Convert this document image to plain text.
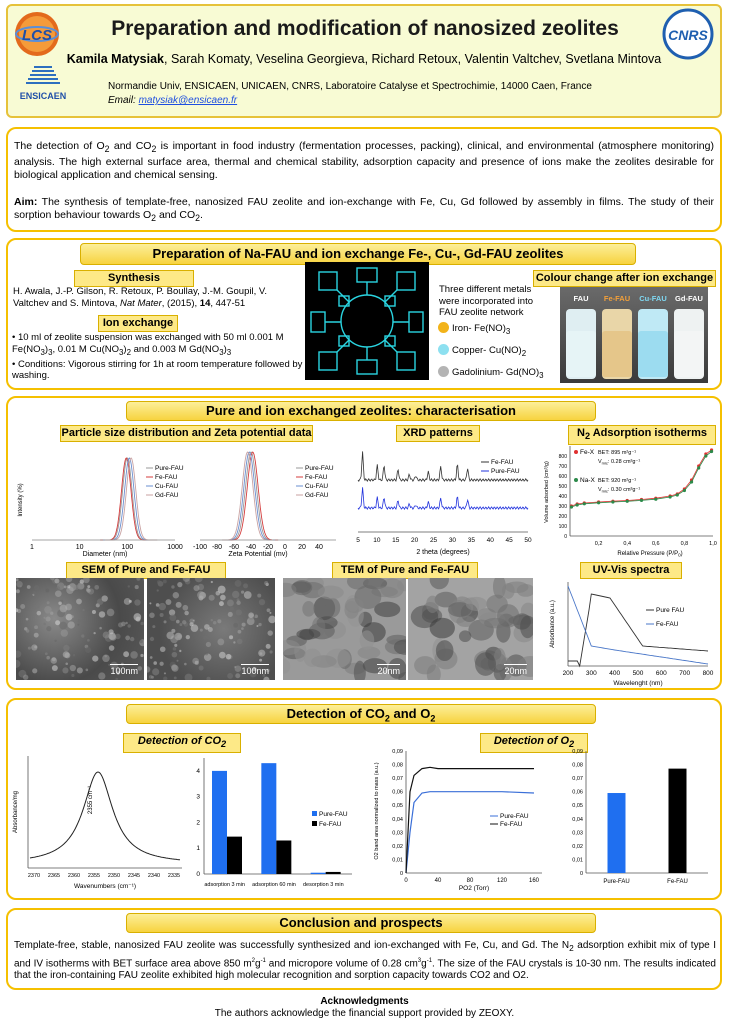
LCS
ENSICAEN
CNRS
Preparation and modification of nanosized zeolites
Kamila Matysiak, Sarah Komaty, Veselina Georgieva, Richard Retoux, Valentin Valtchev, Svetlana Mintova
Normandie Univ, ENSICAEN, UNICAEN, CNRS, Laboratoire Catalyse et Spectrochimie, 14000 Caen, France
Email: matysiak@ensicaen.fr
The detection of $O_2$ and $CO_2$ is important in food industry (fermentation processes, packing), clinical, and environmental (atmosphere monitoring) analysis. The high external surface area, thermal and chemical stability, adsorption capacity and presence of ions make the zeolites desirable for biological application and chemical sensing.
Aim: The synthesis of template-free, nanosized FAU zeolite and ion-exchange with Fe, Cu, Gd followed by assembly in films. The study of their sorption behaviour towards $O_2$ and $CO_2$.
Preparation of Na-FAU and ion exchange Fe-, Cu-, Gd-FAU zeolites
Synthesis
H. Awala, J.-P. Gilson, R. Retoux, P. Boullay, J.-M. Goupil, V. Valtchev and S. Mintova, Nat Mater, (2015), 14, 447-51
Ion exchange
• 10 ml of zeolite suspension was exchanged with 50 ml 0.001 M $Fe(NO_3)_3$, 0.01 M $Cu(NO_3)_2$ and 0.003 M $Gd(NO_3)_3$
• Conditions: Vigorous stirring for 1h at room temperature followed by washing.
Three different metals were incorporated into FAU zeolite network
Iron- $Fe(NO)_3$
Copper- $Cu(NO)_2$
Gadolinium- $Gd(NO)_3$
Colour change after ion exchange
FAU Fe-FAU Cu-FAU Gd-FAU
Pure and ion exchanged zeolites: characterisation
Particle size distribution and Zeta potential data	XRD patterns	$N_2$ Adsorption isotherms
Intensity (%)
1	10	100	1000
Diameter (nm)
Pure-FAU
Fe-FAU
Cu-FAU
Gd-FAU
-100 -80 -60 -40 -20 0 20 40
Zeta Potential (mv)
Pure-FAU
Fe-FAU
Cu-FAU
Gd-FAU
5 10 15 20 25 30 35 40 45 50
2 theta (degrees)
Fe-FAU
Pure-FAU
0
100
200
300
400
500
600
700
800
0,2	0,4	0,6	0,8	1,0
Volume adsorbed (cm³/g)
Relative Pressure $(P/P_0)$
Fe-X BET: 895 m²g⁻¹
$V_{mic}$: 0.28 cm³g⁻¹
Na-X BET: 920 m²g⁻¹
$V_{mic}$: 0.30 cm³g⁻¹
SEM of Pure and Fe-FAU
100nm	100nm
TEM of Pure and Fe-FAU
20nm	20nm
UV-Vis spectra
200 300 400 500 600 700 800
Absorbance (a.u.)
Wavelenght (nm)
Pure FAU
Fe-FAU
Detection of $CO_2$ and $O_2$
Detection of $CO_2$	Detection of $O_2$
2355 cm⁻¹
Absorbance/mg
2370 2365 2360 2355 2350 2345 2340 2335
Wavenumbers (cm⁻¹)
0
1
2
3
4
adsorption 3 min adsorption 60 min desorption 3 min
Pure-FAU
Fe-FAU
0
0,01
0,02
0,03
0,04
0,05
0,06
0,07
0,08
0,09
0	40	80	120	160
O2 band area normalized to mass (a.u.)
PO2 (Torr)
Pure-FAU
Fe-FAU
0
0,01
0,02
0,03
0,04
0,05
0,06
0,07
0,08
0,09
Pure-FAU	Fe-FAU
Conclusion and prospects
Template-free, stable, nanosized FAU zeolite was successfully synthesized and ion-exchanged with Fe, Cu, and Gd. The $N_2$ adsorption exhibit mix of type I and IV isotherms with BET surface area above 850 $m^2g^{-1}$ and micropore volume of 0.28 $cm^3g^{-1}$. The size of the FAU crystals is 10-30 nm. The results indicated that the iron-containing FAU zeolite exhibited high molecular recognition and sorption capacity towards CO2 and O2.
Acknowledgments
The authors acknowledge the financial support provided by ZEOXY.
